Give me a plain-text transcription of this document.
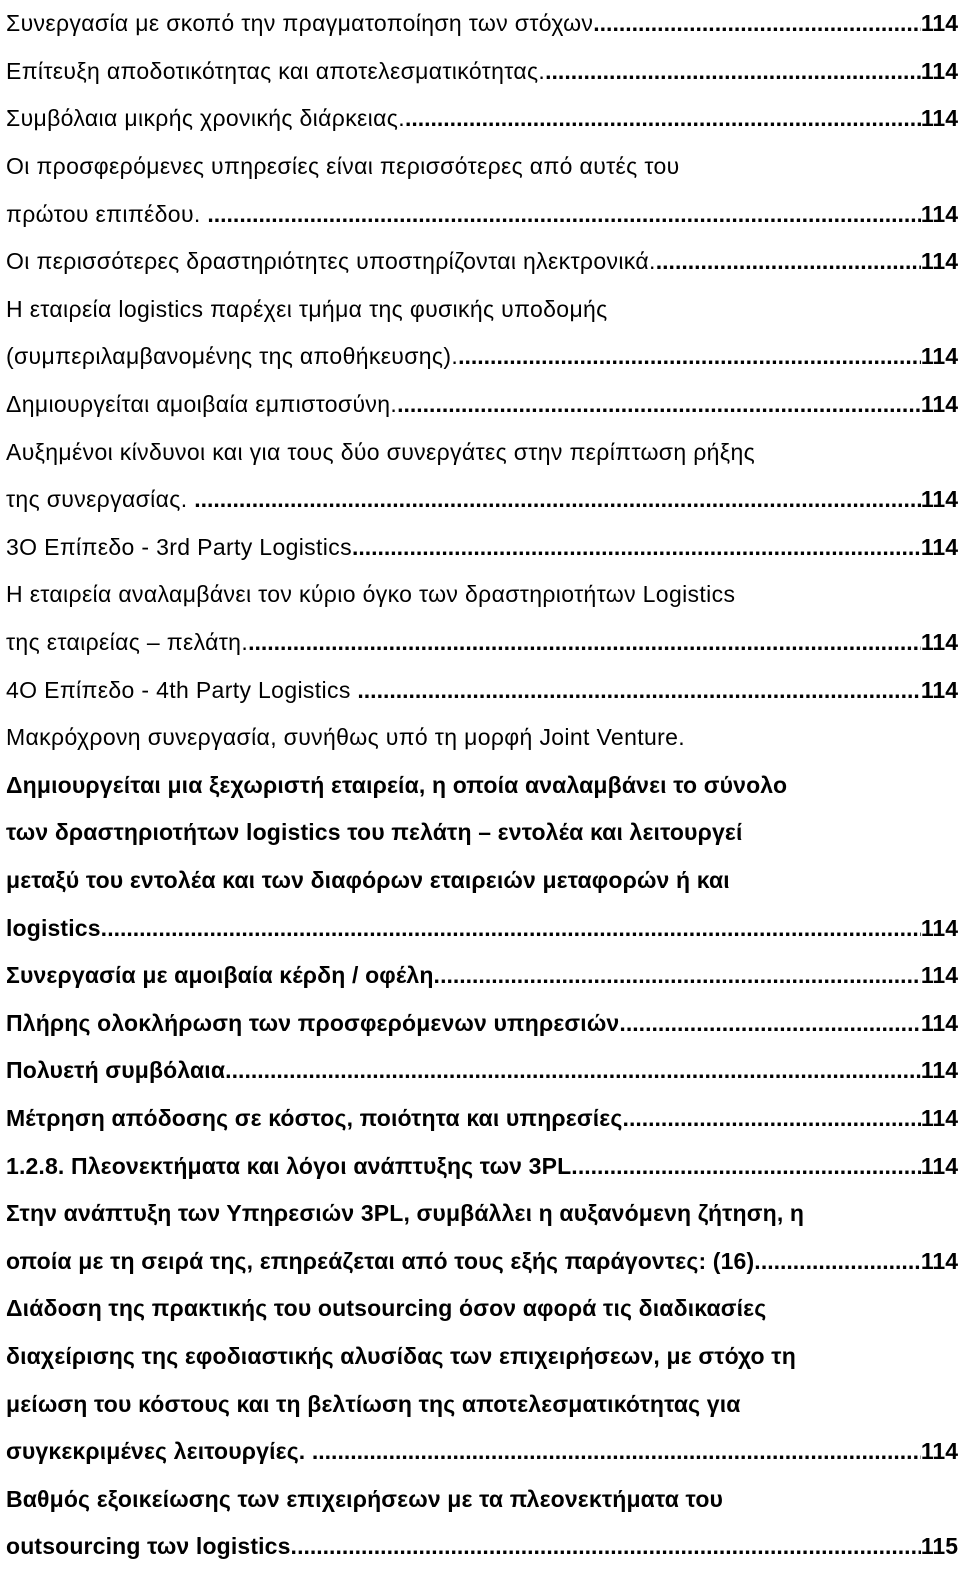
Συνεργασία με σκοπό την πραγματοποίηση των στόχων .....	114
Επίτευξη αποδοτικότητας και αποτελεσματικότητας. .....	114
Συμβόλαια μικρής χρονικής διάρκειας. .....	114
Οι προσφερόμενες υπηρεσίες είναι περισσότερες από αυτές του
πρώτου επιπέδου. .....	114
Οι περισσότερες δραστηριότητες υποστηρίζονται ηλεκτρονικά. .....	114
Η εταιρεία logistics παρέχει τμήμα της φυσικής υποδομής
(συμπεριλαμβανομένης της αποθήκευσης). .....	114
Δημιουργείται αμοιβαία εμπιστοσύνη. .....	114
Αυξημένοι κίνδυνοι και για τους δύο συνεργάτες στην περίπτωση ρήξης
της συνεργασίας. .....	114
3Ο Επίπεδο - 3rd Party Logistics .....	114
Η εταιρεία αναλαμβάνει τον κύριο όγκο των δραστηριοτήτων Logistics
της εταιρείας – πελάτη. .....	114
4Ο Επίπεδο - 4th Party Logistics .....	114
Μακρόχρονη συνεργασία, συνήθως υπό τη μορφή Joint Venture.
Δημιουργείται μια ξεχωριστή εταιρεία, η οποία αναλαμβάνει το σύνολο
των δραστηριοτήτων logistics του πελάτη – εντολέα και λειτουργεί
μεταξύ του εντολέα και των διαφόρων εταιρειών μεταφορών ή και
logistics. .....	114
Συνεργασία με αμοιβαία κέρδη / οφέλη. .....	114
Πλήρης ολοκλήρωση των προσφερόμενων υπηρεσιών. .....	114
Πολυετή συμβόλαια. .....	114
Μέτρηση απόδοσης σε κόστος, ποιότητα και υπηρεσίες. .....	114
1.2.8. Πλεονεκτήματα και λόγοι ανάπτυξης των 3PL. .....	114
Στην ανάπτυξη των Υπηρεσιών 3PL, συμβάλλει η αυξανόμενη ζήτηση, η
οποία με τη σειρά της, επηρεάζεται από τους εξής παράγοντες: (16). .....	114
Διάδοση της πρακτικής του outsourcing όσον αφορά τις διαδικασίες
διαχείρισης της εφοδιαστικής αλυσίδας των επιχειρήσεων, με στόχο τη
μείωση του κόστους και τη βελτίωση της αποτελεσματικότητας για
συγκεκριμένες λειτουργίες. .....	114
Βαθμός εξοικείωσης των επιχειρήσεων με τα πλεονεκτήματα του
outsourcing των logistics. .....	115
